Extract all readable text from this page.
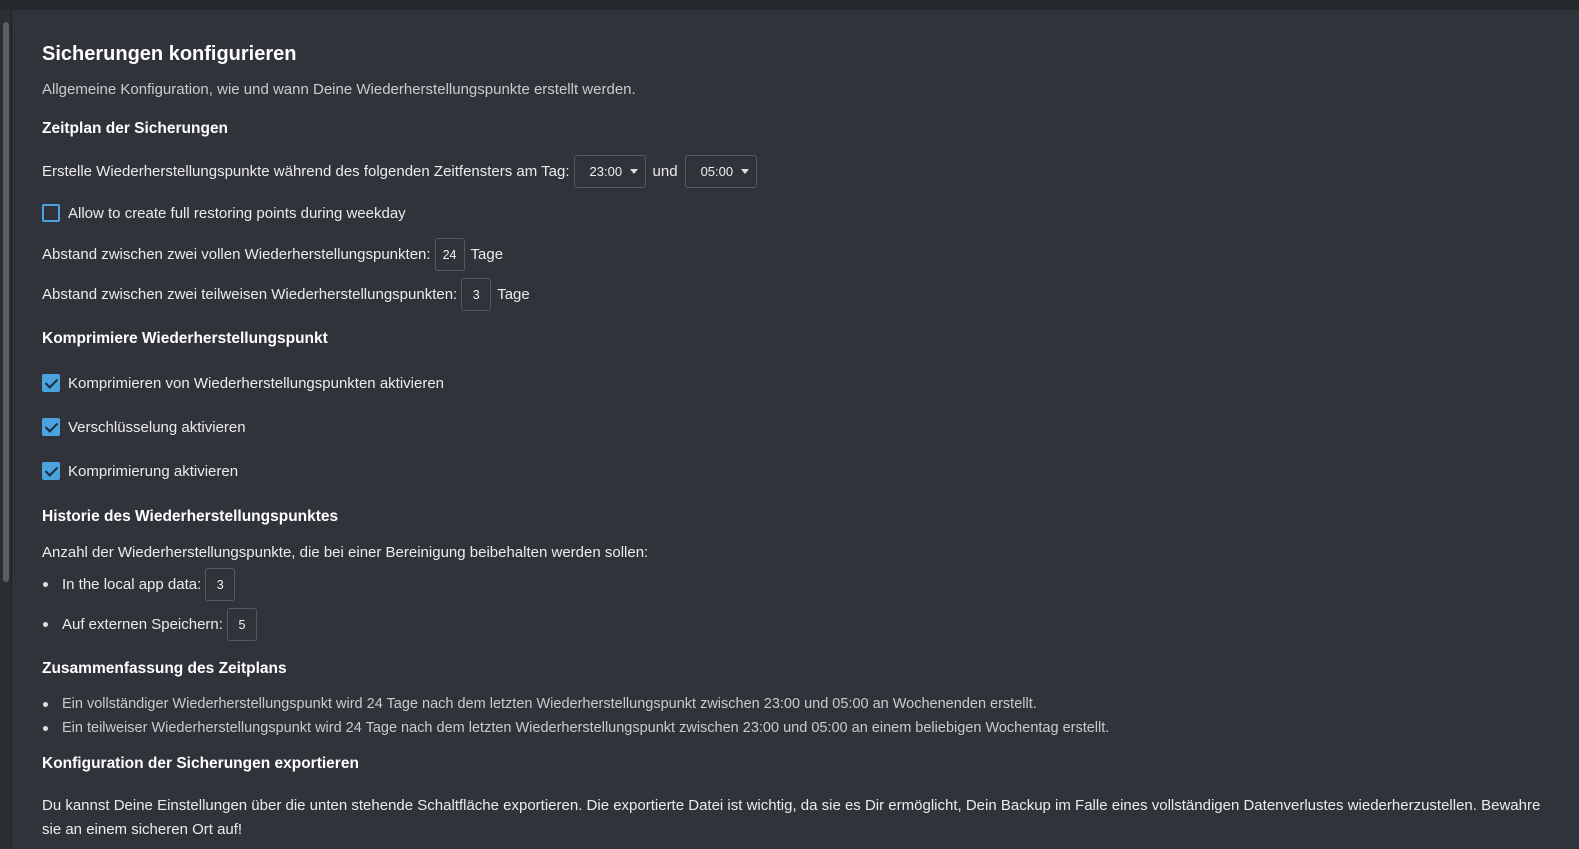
Sicherungen konfigurieren
Allgemeine Konfiguration, wie und wann Deine Wiederherstellungspunkte erstellt werden.
Zeitplan der Sicherungen
Erstelle Wiederherstellungspunkte während des folgenden Zeitfensters am Tag: 23:00 und 05:00
Allow to create full restoring points during weekday
Abstand zwischen zwei vollen Wiederherstellungspunkten: 24 Tage
Abstand zwischen zwei teilweisen Wiederherstellungspunkten:	3	Tage
Komprimiere Wiederherstellungspunkt
Komprimieren von Wiederherstellungspunkten aktivieren
Verschlüsselung aktivieren
Komprimierung aktivieren
Historie des Wiederherstellungspunktes
Anzahl der Wiederherstellungspunkte, die bei einer Bereinigung beibehalten werden sollen:
In the local app data:	3
Auf externen Speichern:	5
Zusammenfassung des Zeitplans
Ein vollständiger Wiederherstellungspunkt wird 24 Tage nach dem letzten Wiederherstellungspunkt zwischen 23:00 und 05:00 an Wochenenden erstellt.
Ein teilweiser Wiederherstellungspunkt wird 24 Tage nach dem letzten Wiederherstellungspunkt zwischen 23:00 und 05:00 an einem beliebigen Wochentag erstellt.
Konfiguration der Sicherungen exportieren
Du kannst Deine Einstellungen über die unten stehende Schaltfläche exportieren. Die exportierte Datei ist wichtig, da sie es Dir ermöglicht, Dein Backup im Falle eines vollständigen Datenverlustes wiederherzustellen. Bewahre sie an einem sicheren Ort auf!
